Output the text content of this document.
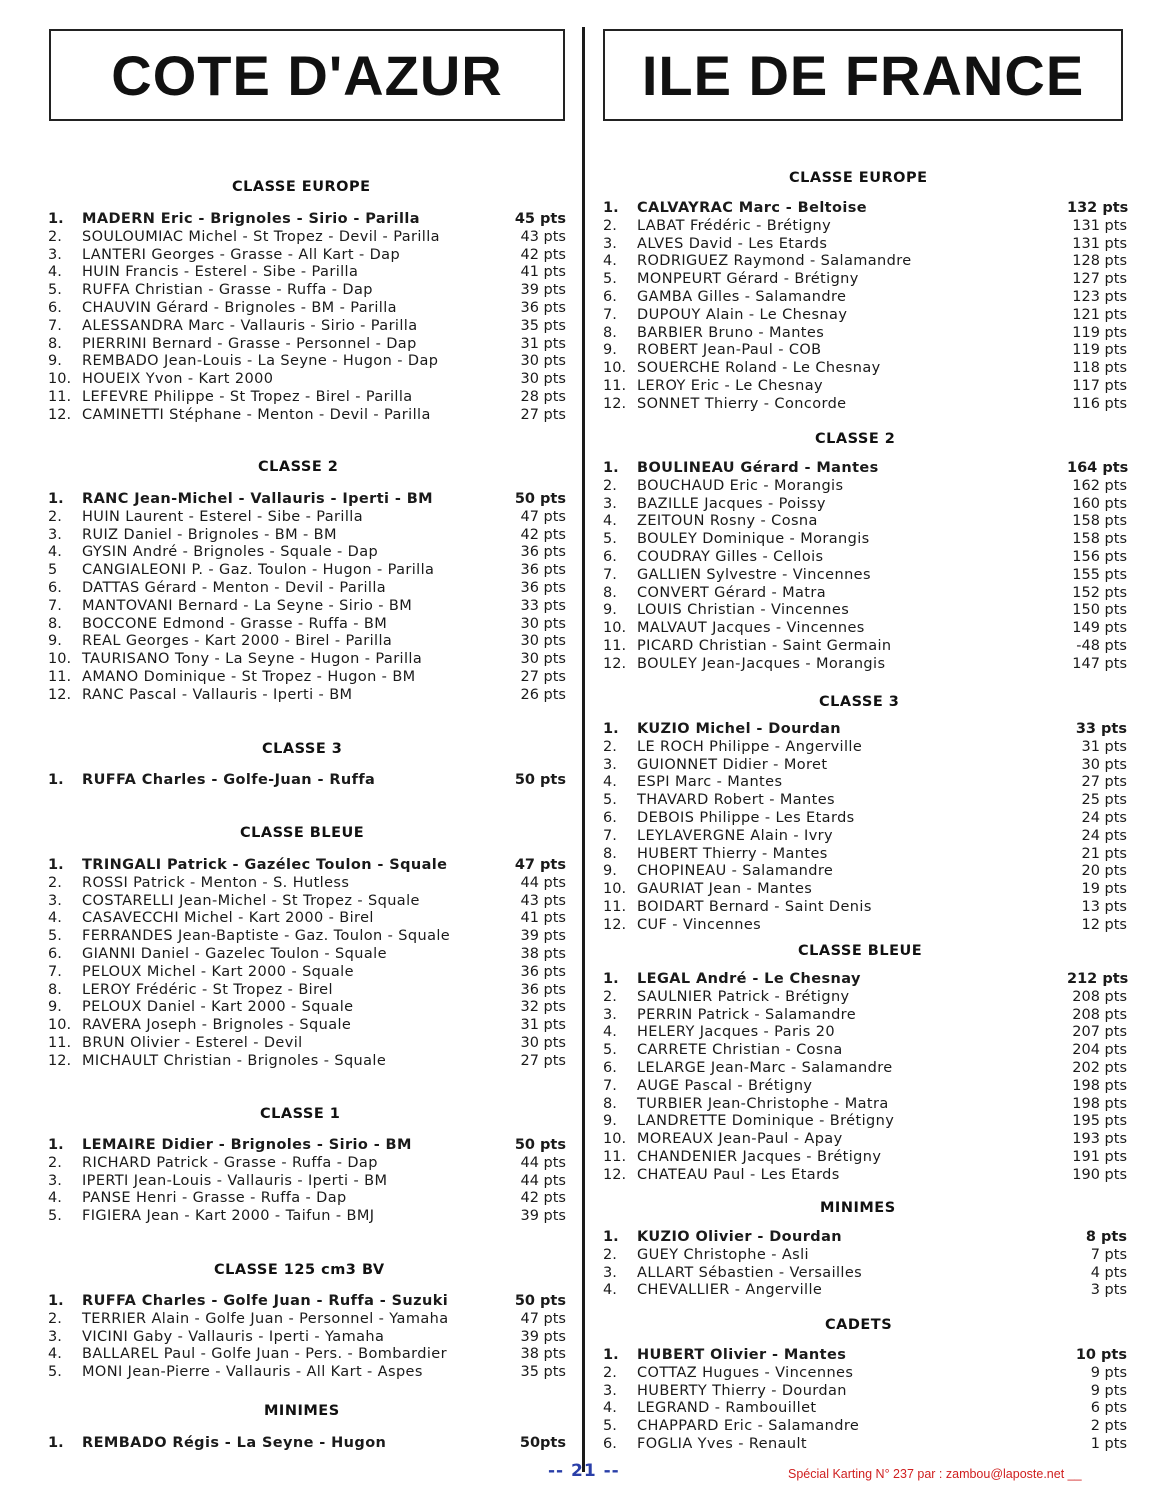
COTE D'AZUR ILE DE FRANCE
CLASSE EUROPE
1.	MADERN Eric - Brignoles - Sirio - Parilla	45 pts
2.	SOULOUMIAC Michel - St Tropez - Devil - Parilla	43 pts
3.	LANTERI Georges - Grasse - All Kart - Dap	42 pts
4.	HUIN Francis - Esterel - Sibe - Parilla	41 pts
5.	RUFFA Christian - Grasse - Ruffa - Dap	39 pts
6.	CHAUVIN Gérard - Brignoles - BM - Parilla	36 pts
7.	ALESSANDRA Marc - Vallauris - Sirio - Parilla	35 pts
8.	PIERRINI Bernard - Grasse - Personnel - Dap	31 pts
9.	REMBADO Jean-Louis - La Seyne - Hugon - Dap	30 pts
10. HOUEIX Yvon - Kart 2000	30 pts
11. LEFEVRE Philippe - St Tropez - Birel - Parilla	28 pts
12. CAMINETTI Stéphane - Menton - Devil - Parilla	27 pts
CLASSE 2
1.	RANC Jean-Michel - Vallauris - Iperti - BM	50 pts
2.	HUIN Laurent - Esterel - Sibe - Parilla	47 pts
3.	RUIZ Daniel - Brignoles - BM - BM	42 pts
4.	GYSIN André - Brignoles - Squale - Dap	36 pts
5	CANGIALEONI P. - Gaz. Toulon - Hugon - Parilla	36 pts
6.	DATTAS Gérard - Menton - Devil - Parilla	36 pts
7.	MANTOVANI Bernard - La Seyne - Sirio - BM	33 pts
8.	BOCCONE Edmond - Grasse - Ruffa - BM	30 pts
9.	REAL Georges - Kart 2000 - Birel - Parilla	30 pts
10. TAURISANO Tony - La Seyne - Hugon - Parilla	30 pts
11. AMANO Dominique - St Tropez - Hugon - BM	27 pts
12. RANC Pascal - Vallauris - Iperti - BM	26 pts
CLASSE 3
1.	RUFFA Charles - Golfe-Juan - Ruffa	50 pts
CLASSE BLEUE
1.	TRINGALI Patrick - Gazélec Toulon - Squale	47 pts
2.	ROSSI Patrick - Menton - S. Hutless	44 pts
3.	COSTARELLI Jean-Michel - St Tropez - Squale	43 pts
4.	CASAVECCHI Michel - Kart 2000 - Birel	41 pts
5.	FERRANDES Jean-Baptiste - Gaz. Toulon - Squale	39 pts
6.	GIANNI Daniel - Gazelec Toulon - Squale	38 pts
7.	PELOUX Michel - Kart 2000 - Squale	36 pts
8.	LEROY Frédéric - St Tropez - Birel	36 pts
9.	PELOUX Daniel - Kart 2000 - Squale	32 pts
10. RAVERA Joseph - Brignoles - Squale	31 pts
11. BRUN Olivier - Esterel - Devil	30 pts
12. MICHAULT Christian - Brignoles - Squale	27 pts
CLASSE 1
1.	LEMAIRE Didier - Brignoles - Sirio - BM	50 pts
2.	RICHARD Patrick - Grasse - Ruffa - Dap	44 pts
3.	IPERTI Jean-Louis - Vallauris - Iperti - BM	44 pts
4.	PANSE Henri - Grasse - Ruffa - Dap	42 pts
5.	FIGIERA Jean - Kart 2000 - Taifun - BMJ	39 pts
CLASSE 125 cm3 BV
1.	RUFFA Charles - Golfe Juan - Ruffa - Suzuki	50 pts
2.	TERRIER Alain - Golfe Juan - Personnel - Yamaha	47 pts
3.	VICINI Gaby - Vallauris - Iperti - Yamaha	39 pts
4.	BALLAREL Paul - Golfe Juan - Pers. - Bombardier	38 pts
5.	MONI Jean-Pierre - Vallauris - All Kart - Aspes	35 pts
MINIMES
1.	REMBADO Régis - La Seyne - Hugon	50pts
CLASSE EUROPE
1.	CALVAYRAC Marc - Beltoise	132 pts
2.	LABAT Frédéric - Brétigny	131 pts
3.	ALVES David - Les Etards	131 pts
4.	RODRIGUEZ Raymond - Salamandre	128 pts
5.	MONPEURT Gérard - Brétigny	127 pts
6.	GAMBA Gilles - Salamandre	123 pts
7.	DUPOUY Alain - Le Chesnay	121 pts
8.	BARBIER Bruno - Mantes	119 pts
9.	ROBERT Jean-Paul - COB	119 pts
10. SOUERCHE Roland - Le Chesnay	118 pts
11. LEROY Eric - Le Chesnay	117 pts
12. SONNET Thierry - Concorde	116 pts
CLASSE 2
1.	BOULINEAU Gérard - Mantes	164 pts
2.	BOUCHAUD Eric - Morangis	162 pts
3.	BAZILLE Jacques - Poissy	160 pts
4.	ZEITOUN Rosny - Cosna	158 pts
5.	BOULEY Dominique - Morangis	158 pts
6.	COUDRAY Gilles - Cellois	156 pts
7.	GALLIEN Sylvestre - Vincennes	155 pts
8.	CONVERT Gérard - Matra	152 pts
9.	LOUIS Christian - Vincennes	150 pts
10. MALVAUT Jacques - Vincennes	149 pts
11. PICARD Christian - Saint Germain	-48 pts
12. BOULEY Jean-Jacques - Morangis	147 pts
CLASSE 3
1.	KUZIO Michel - Dourdan	33 pts
2.	LE ROCH Philippe - Angerville	31 pts
3.	GUIONNET Didier - Moret	30 pts
4.	ESPI Marc - Mantes	27 pts
5.	THAVARD Robert - Mantes	25 pts
6.	DEBOIS Philippe - Les Etards	24 pts
7.	LEYLAVERGNE Alain - Ivry	24 pts
8.	HUBERT Thierry - Mantes	21 pts
9.	CHOPINEAU - Salamandre	20 pts
10. GAURIAT Jean - Mantes	19 pts
11. BOIDART Bernard - Saint Denis	13 pts
12. CUF - Vincennes	12 pts
CLASSE BLEUE
1.	LEGAL André - Le Chesnay	212 pts
2.	SAULNIER Patrick - Brétigny	208 pts
3.	PERRIN Patrick - Salamandre	208 pts
4.	HELERY Jacques - Paris 20	207 pts
5.	CARRETE Christian - Cosna	204 pts
6.	LELARGE Jean-Marc - Salamandre	202 pts
7.	AUGE Pascal - Brétigny	198 pts
8.	TURBIER Jean-Christophe - Matra	198 pts
9.	LANDRETTE Dominique - Brétigny	195 pts
10. MOREAUX Jean-Paul - Apay	193 pts
11. CHANDENIER Jacques - Brétigny	191 pts
12. CHATEAU Paul - Les Etards	190 pts
MINIMES
1.	KUZIO Olivier - Dourdan	8 pts
2.	GUEY Christophe - Asli	7 pts
3.	ALLART Sébastien - Versailles	4 pts
4.	CHEVALLIER - Angerville	3 pts
CADETS
1.	HUBERT Olivier - Mantes	10 pts
2.	COTTAZ Hugues - Vincennes	9 pts
3.	HUBERTY Thierry - Dourdan	9 pts
4.	LEGRAND - Rambouillet	6 pts
5.	CHAPPARD Eric - Salamandre	2 pts
6.	FOGLIA Yves - Renault	1 pts
-- 21 --	Spécial Karting N° 237 par : zambou@laposte.net __
